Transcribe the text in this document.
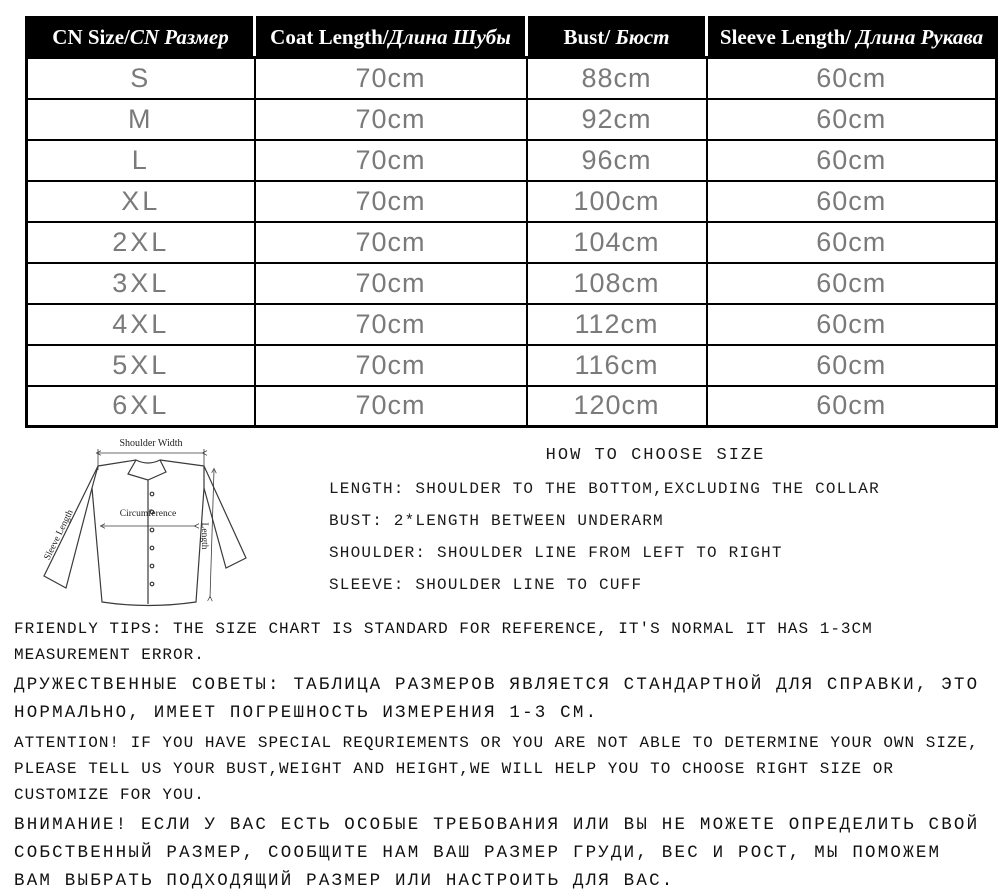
CN Size/CN Размер	Coat Length/Длина Шубы	Bust/ Бюст	Sleeve Length/ Длина Рукава
S	70cm	88cm	60cm
M	70cm	92cm	60cm
L	70cm	96cm	60cm
XL	70cm	100cm	60cm
2XL	70cm	104cm	60cm
3XL	70cm	108cm	60cm
4XL	70cm	112cm	60cm
5XL	70cm	116cm	60cm
6XL	70cm	120cm	60cm
Shoulder Width
Circumference
Sleeve Length	Length
HOW TO CHOOSE SIZE
LENGTH: SHOULDER TO THE BOTTOM,EXCLUDING THE COLLAR
BUST: 2*LENGTH BETWEEN UNDERARM
SHOULDER: SHOULDER LINE FROM LEFT TO RIGHT
SLEEVE: SHOULDER LINE TO CUFF

FRIENDLY TIPS: THE SIZE CHART IS STANDARD FOR REFERENCE, IT'S NORMAL IT HAS 1-3CM MEASUREMENT ERROR.

ДРУЖЕСТВЕННЫЕ СОВЕТЫ: ТАБЛИЦА РАЗМЕРОВ ЯВЛЯЕТСЯ СТАНДАРТНОЙ ДЛЯ СПРАВКИ, ЭТО НОРМАЛЬНО, ИМЕЕТ ПОГРЕШНОСТЬ ИЗМЕРЕНИЯ 1-3 СМ.

ATTENTION! IF YOU HAVE SPECIAL REQURIEMENTS OR YOU ARE NOT ABLE TO DETERMINE YOUR OWN SIZE, PLEASE TELL US YOUR BUST,WEIGHT AND HEIGHT,WE WILL HELP YOU TO CHOOSE RIGHT SIZE OR CUSTOMIZE FOR YOU.

ВНИМАНИЕ! ЕСЛИ У ВАС ЕСТЬ ОСОБЫЕ ТРЕБОВАНИЯ ИЛИ ВЫ НЕ МОЖЕТЕ ОПРЕДЕЛИТЬ СВОЙ СОБСТВЕННЫЙ РАЗМЕР, СООБЩИТЕ НАМ ВАШ РАЗМЕР ГРУДИ, ВЕС И РОСТ, МЫ ПОМОЖЕМ ВАМ ВЫБРАТЬ ПОДХОДЯЩИЙ РАЗМЕР ИЛИ НАСТРОИТЬ ДЛЯ ВАС.
